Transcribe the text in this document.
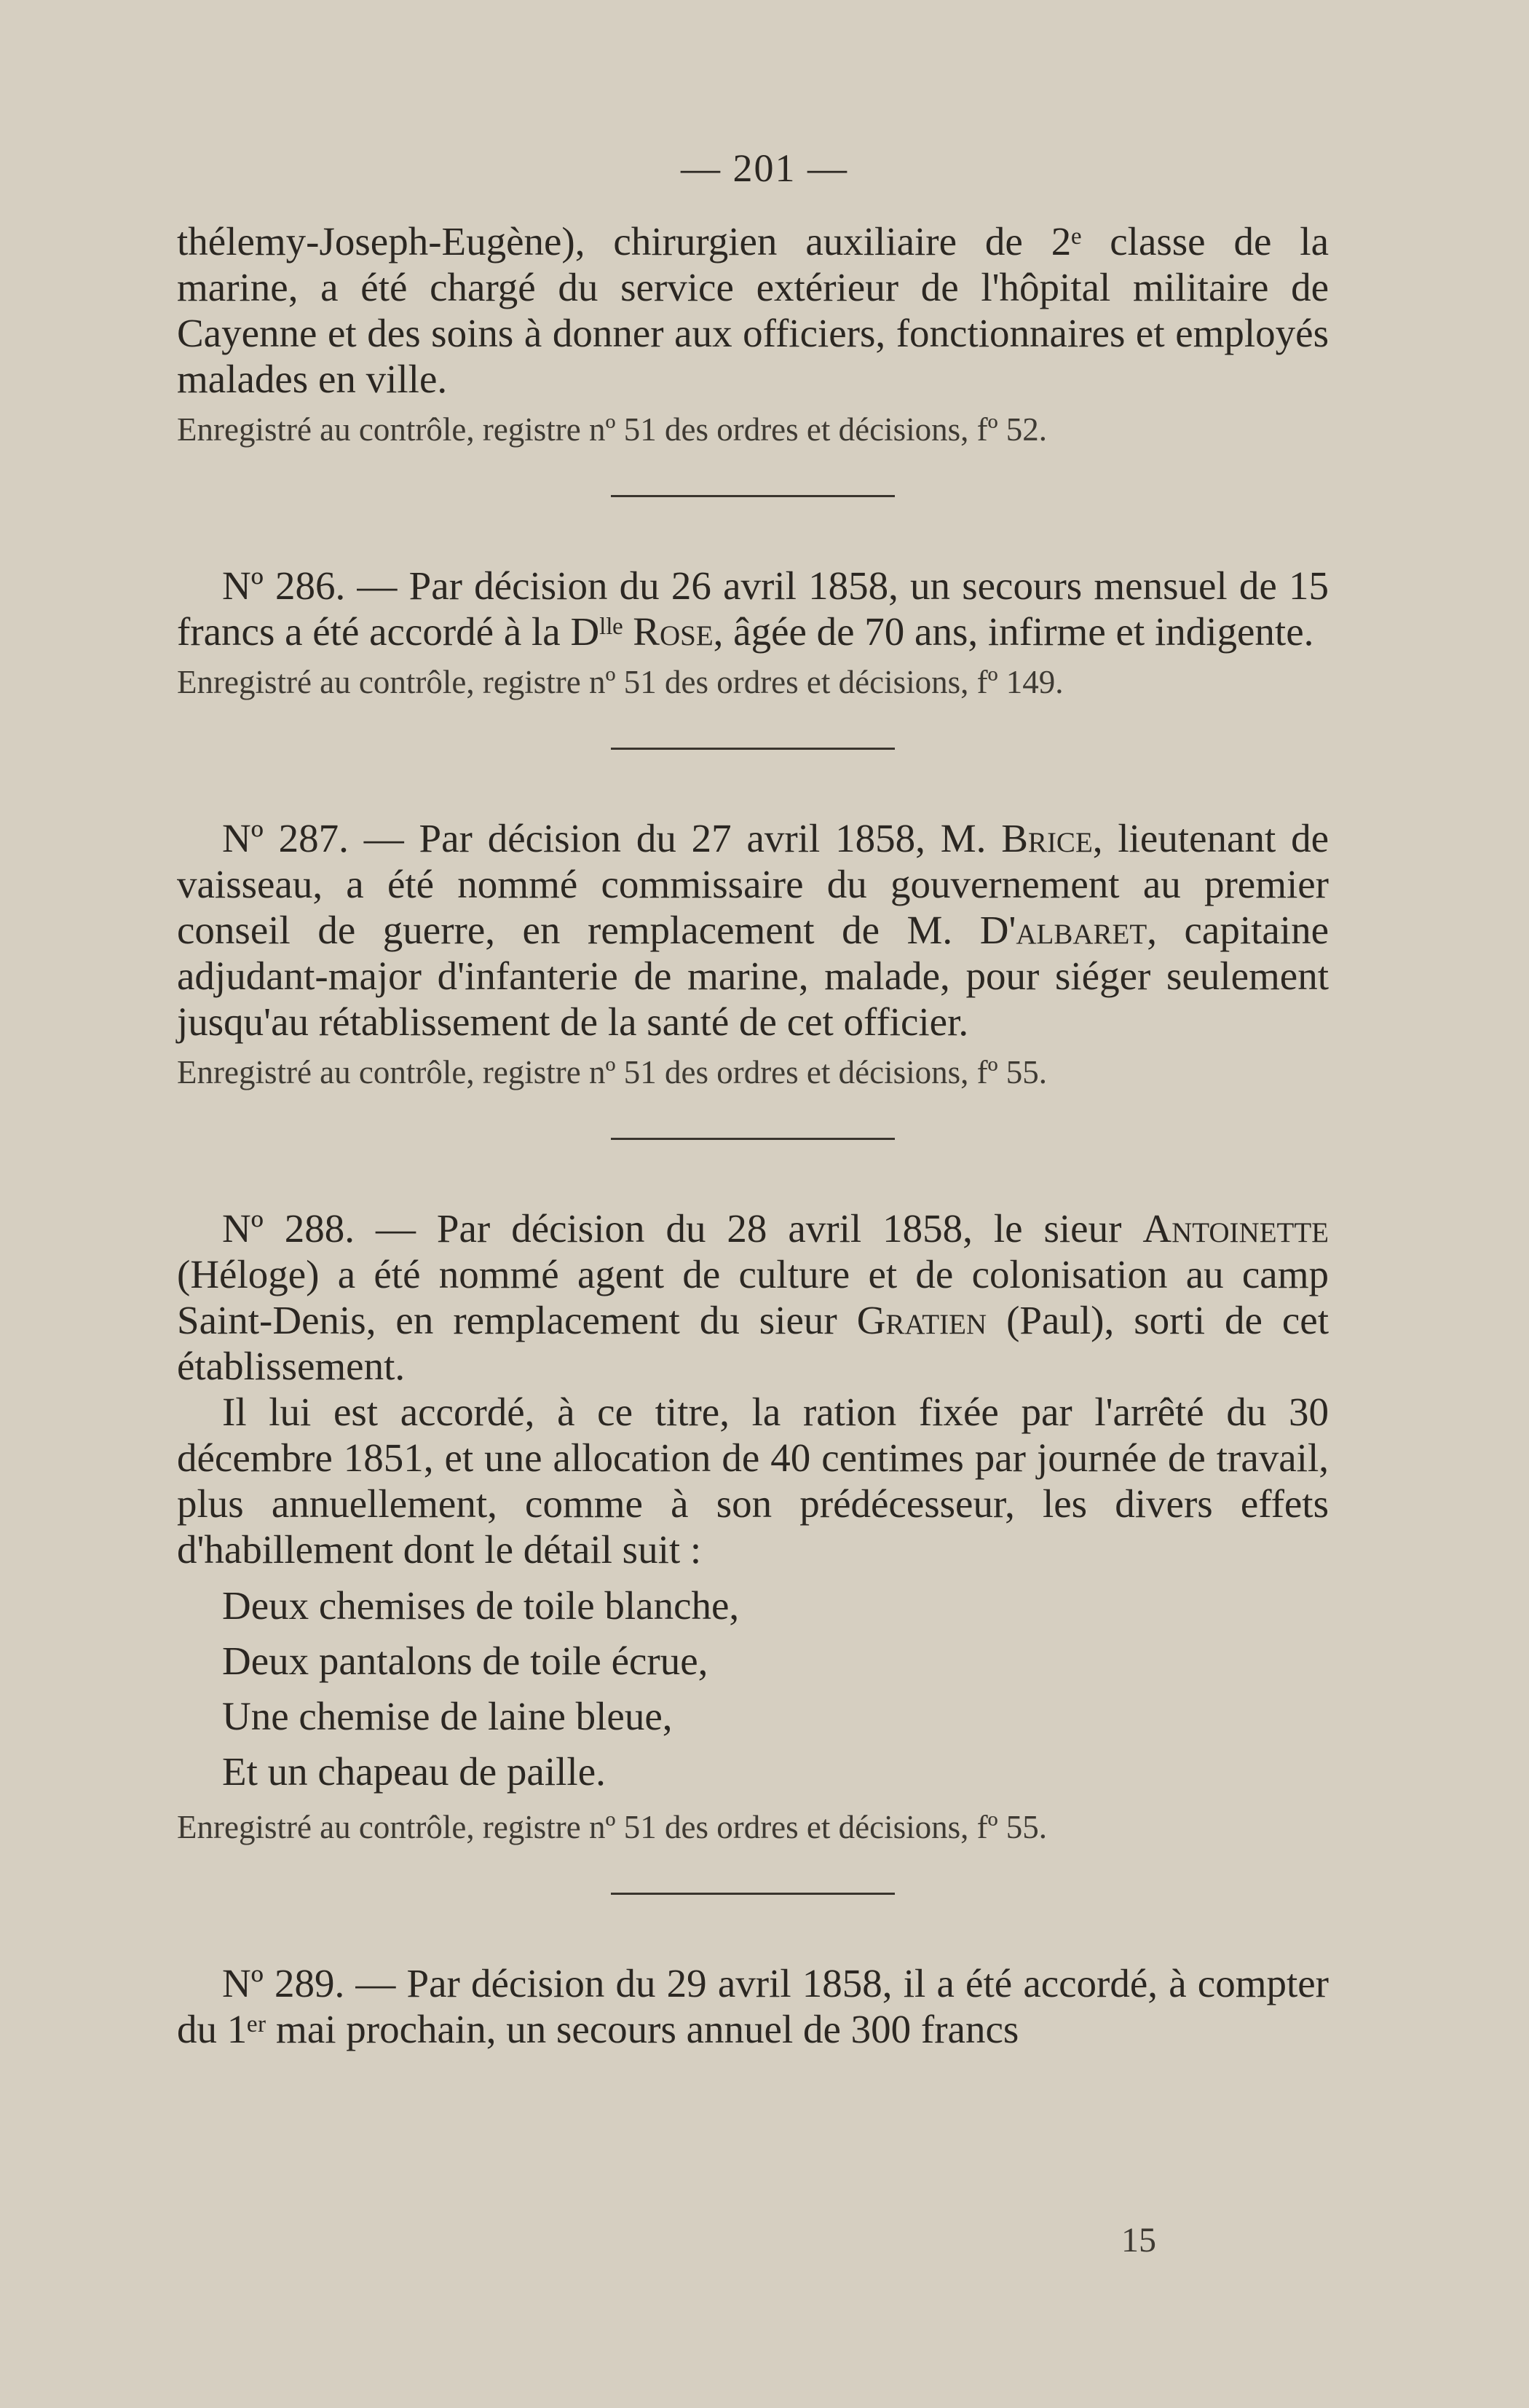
— 201 —

thélemy-Joseph-Eugène), chirurgien auxiliaire de 2ᵉ classe de la marine, a été chargé du service extérieur de l'hôpital militaire de Cayenne et des soins à donner aux officiers, fonctionnaires et employés malades en ville.

Enregistré au contrôle, registre nº 51 des ordres et décisions, fº 52.

Nº 286. — Par décision du 26 avril 1858, un secours mensuel de 15 francs a été accordé à la Dˡˡᵉ Rose, âgée de 70 ans, infirme et indigente.

Enregistré au contrôle, registre nº 51 des ordres et décisions, fº 149.

Nº 287. — Par décision du 27 avril 1858, M. Brice, lieutenant de vaisseau, a été nommé commissaire du gouvernement au premier conseil de guerre, en remplacement de M. D'albaret, capitaine adjudant-major d'infanterie de marine, malade, pour siéger seulement jusqu'au rétablissement de la santé de cet officier.

Enregistré au contrôle, registre nº 51 des ordres et décisions, fº 55.

Nº 288. — Par décision du 28 avril 1858, le sieur Antoinette (Héloge) a été nommé agent de culture et de colonisation au camp Saint-Denis, en remplacement du sieur Gratien (Paul), sorti de cet établissement.

Il lui est accordé, à ce titre, la ration fixée par l'arrêté du 30 décembre 1851, et une allocation de 40 centimes par journée de travail, plus annuellement, comme à son prédécesseur, les divers effets d'habillement dont le détail suit :

Deux chemises de toile blanche,
Deux pantalons de toile écrue,
Une chemise de laine bleue,
Et un chapeau de paille.

Enregistré au contrôle, registre nº 51 des ordres et décisions, fº 55.

Nº 289. — Par décision du 29 avril 1858, il a été accordé, à compter du 1ᵉʳ mai prochain, un secours annuel de 300 francs

15
